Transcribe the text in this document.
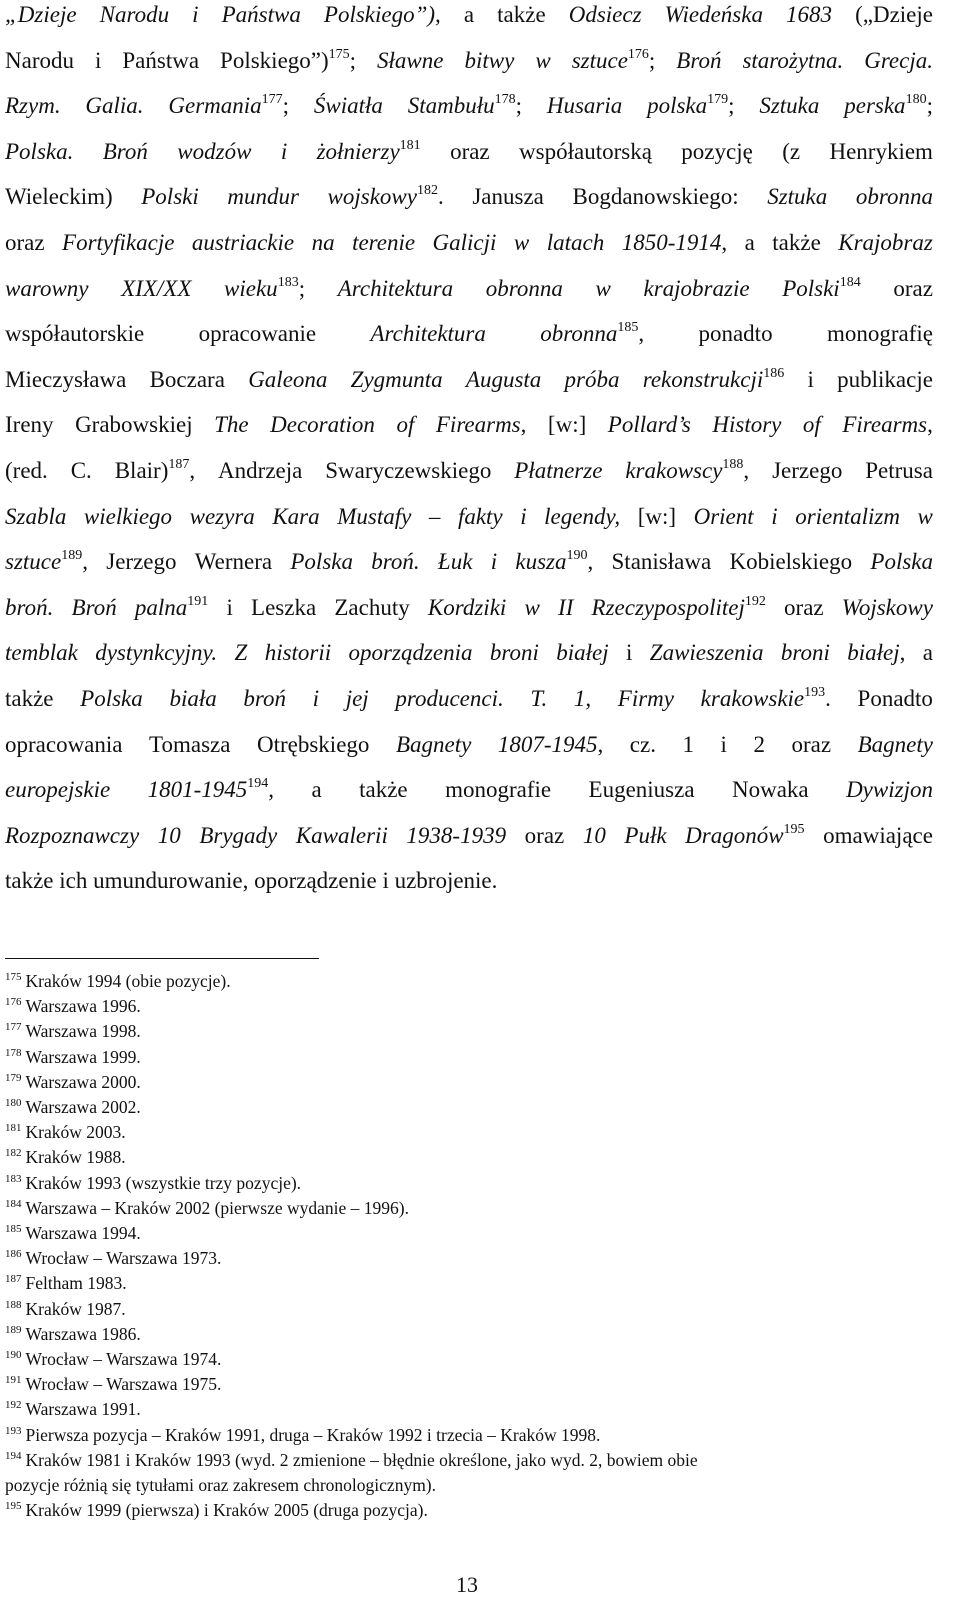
„Dzieje Narodu i Państwa Polskiego”), a także Odsiecz Wiedeńska 1683 („Dzieje
Narodu i Państwa Polskiego”)$^{175}$; Sławne bitwy w sztuce$^{176}$; Broń starożytna. Grecja.
Rzym. Galia. Germania$^{177}$; Światła Stambułu$^{178}$; Husaria polska$^{179}$; Sztuka perska$^{180}$;
Polska. Broń wodzów i żołnierzy$^{181}$ oraz współautorską pozycję (z Henrykiem
Wieleckim) Polski mundur wojskowy$^{182}$. Janusza Bogdanowskiego: Sztuka obronna
oraz Fortyfikacje austriackie na terenie Galicji w latach 1850-1914, a także Krajobraz
warowny XIX/XX wieku$^{183}$; Architektura obronna w krajobrazie Polski$^{184}$ oraz
współautorskie opracowanie Architektura obronna$^{185}$, ponadto monografię
Mieczysława Boczara Galeona Zygmunta Augusta próba rekonstrukcji$^{186}$ i publikacje
Ireny Grabowskiej The Decoration of Firearms, [w:] Pollard’s History of Firearms,
(red. C. Blair)$^{187}$, Andrzeja Swaryczewskiego Płatnerze krakowscy$^{188}$, Jerzego Petrusa
Szabla wielkiego wezyra Kara Mustafy – fakty i legendy, [w:] Orient i orientalizm w
sztuce$^{189}$, Jerzego Wernera Polska broń. Łuk i kusza$^{190}$, Stanisława Kobielskiego Polska
broń. Broń palna$^{191}$ i Leszka Zachuty Kordziki w II Rzeczypospolitej$^{192}$ oraz Wojskowy
temblak dystynkcyjny. Z historii oporządzenia broni białej i Zawieszenia broni białej, a
także Polska biała broń i jej producenci. T. 1, Firmy krakowskie$^{193}$. Ponadto
opracowania Tomasza Otrębskiego Bagnety 1807-1945, cz. 1 i 2 oraz Bagnety
europejskie 1801-1945$^{194}$, a także monografie Eugeniusza Nowaka Dywizjon
Rozpoznawczy 10 Brygady Kawalerii 1938-1939 oraz 10 Pułk Dragonów$^{195}$ omawiające
także ich umundurowanie, oporządzenie i uzbrojenie.
$^{175}$ Kraków 1994 (obie pozycje).
$^{176}$ Warszawa 1996.
$^{177}$ Warszawa 1998.
$^{178}$ Warszawa 1999.
$^{179}$ Warszawa 2000.
$^{180}$ Warszawa 2002.
$^{181}$ Kraków 2003.
$^{182}$ Kraków 1988.
$^{183}$ Kraków 1993 (wszystkie trzy pozycje).
$^{184}$ Warszawa – Kraków 2002 (pierwsze wydanie – 1996).
$^{185}$ Warszawa 1994.
$^{186}$ Wrocław – Warszawa 1973.
$^{187}$ Feltham 1983.
$^{188}$ Kraków 1987.
$^{189}$ Warszawa 1986.
$^{190}$ Wrocław – Warszawa 1974.
$^{191}$ Wrocław – Warszawa 1975.
$^{192}$ Warszawa 1991.
$^{193}$ Pierwsza pozycja – Kraków 1991, druga – Kraków 1992 i trzecia – Kraków 1998.
$^{194}$ Kraków 1981 i Kraków 1993 (wyd. 2 zmienione – błędnie określone, jako wyd. 2, bowiem obie
pozycje różnią się tytułami oraz zakresem chronologicznym).
$^{195}$ Kraków 1999 (pierwsza) i Kraków 2005 (druga pozycja).
13
